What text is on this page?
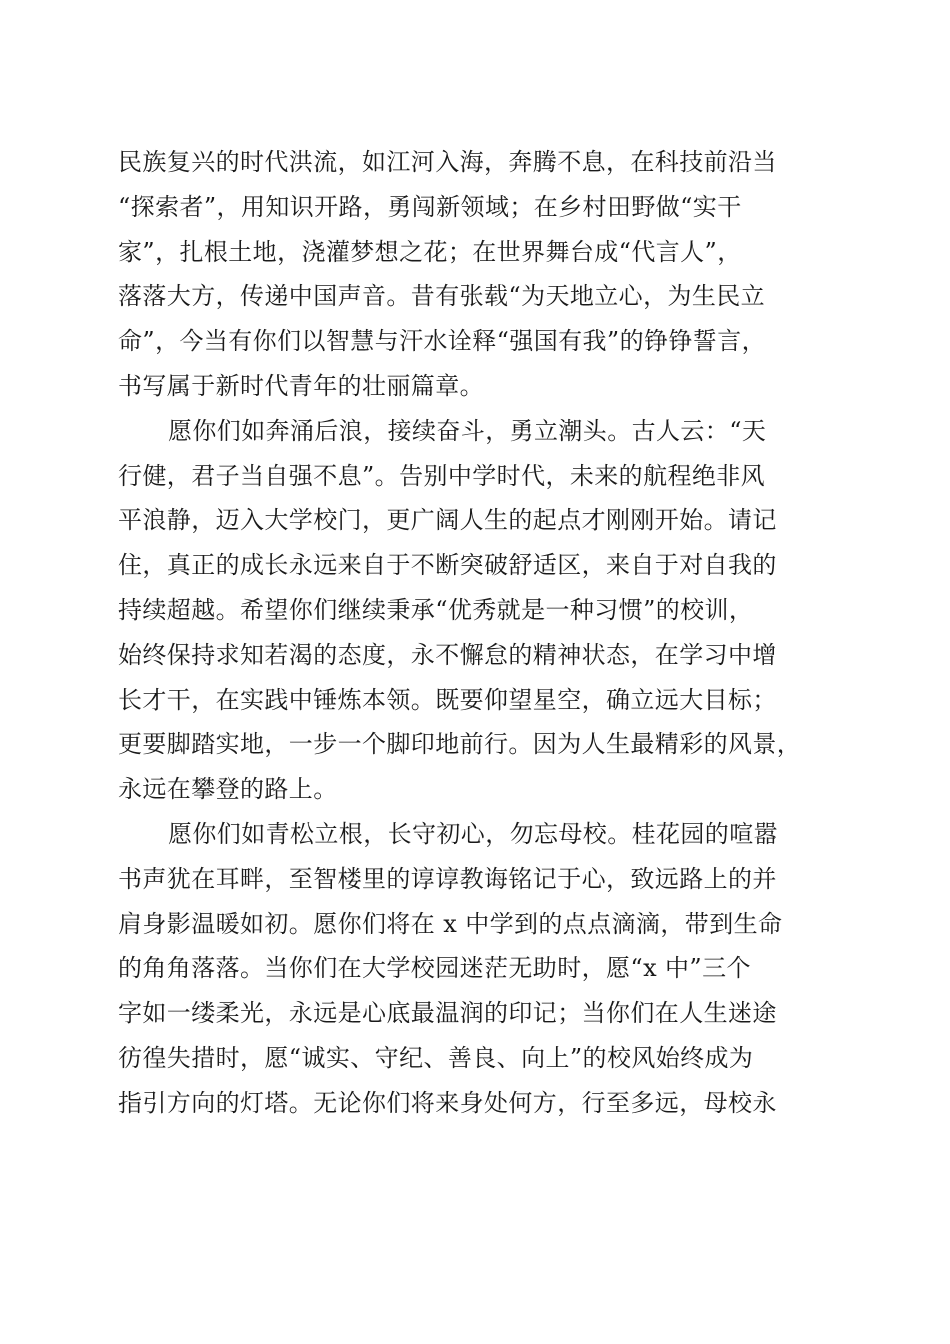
民族复兴的时代洪流，如江河入海，奔腾不息，在科技前沿当
“探索者”，用知识开路，勇闯新领域；在乡村田野做“实干
家”，扎根土地，浇灌梦想之花；在世界舞台成“代言人”，
落落大方，传递中国声音。昔有张载“为天地立心，为生民立
命”，今当有你们以智慧与汗水诠释“强国有我”的铮铮誓言，
书写属于新时代青年的壮丽篇章。
愿你们如奔涌后浪，接续奋斗，勇立潮头。古人云：“天
行健，君子当自强不息”。告别中学时代，未来的航程绝非风
平浪静，迈入大学校门，更广阔人生的起点才刚刚开始。请记
住，真正的成长永远来自于不断突破舒适区，来自于对自我的
持续超越。希望你们继续秉承“优秀就是一种习惯”的校训，
始终保持求知若渴的态度，永不懈怠的精神状态，在学习中增
长才干，在实践中锤炼本领。既要仰望星空，确立远大目标；
更要脚踏实地，一步一个脚印地前行。因为人生最精彩的风景，
永远在攀登的路上。
愿你们如青松立根，长守初心，勿忘母校。桂花园的喧嚣
书声犹在耳畔，至智楼里的谆谆教诲铭记于心，致远路上的并
肩身影温暖如初。愿你们将在 x 中学到的点点滴滴，带到生命
的角角落落。当你们在大学校园迷茫无助时，愿“x 中”三个
字如一缕柔光，永远是心底最温润的印记；当你们在人生迷途
彷徨失措时，愿“诚实、守纪、善良、向上”的校风始终成为
指引方向的灯塔。无论你们将来身处何方，行至多远，母校永
